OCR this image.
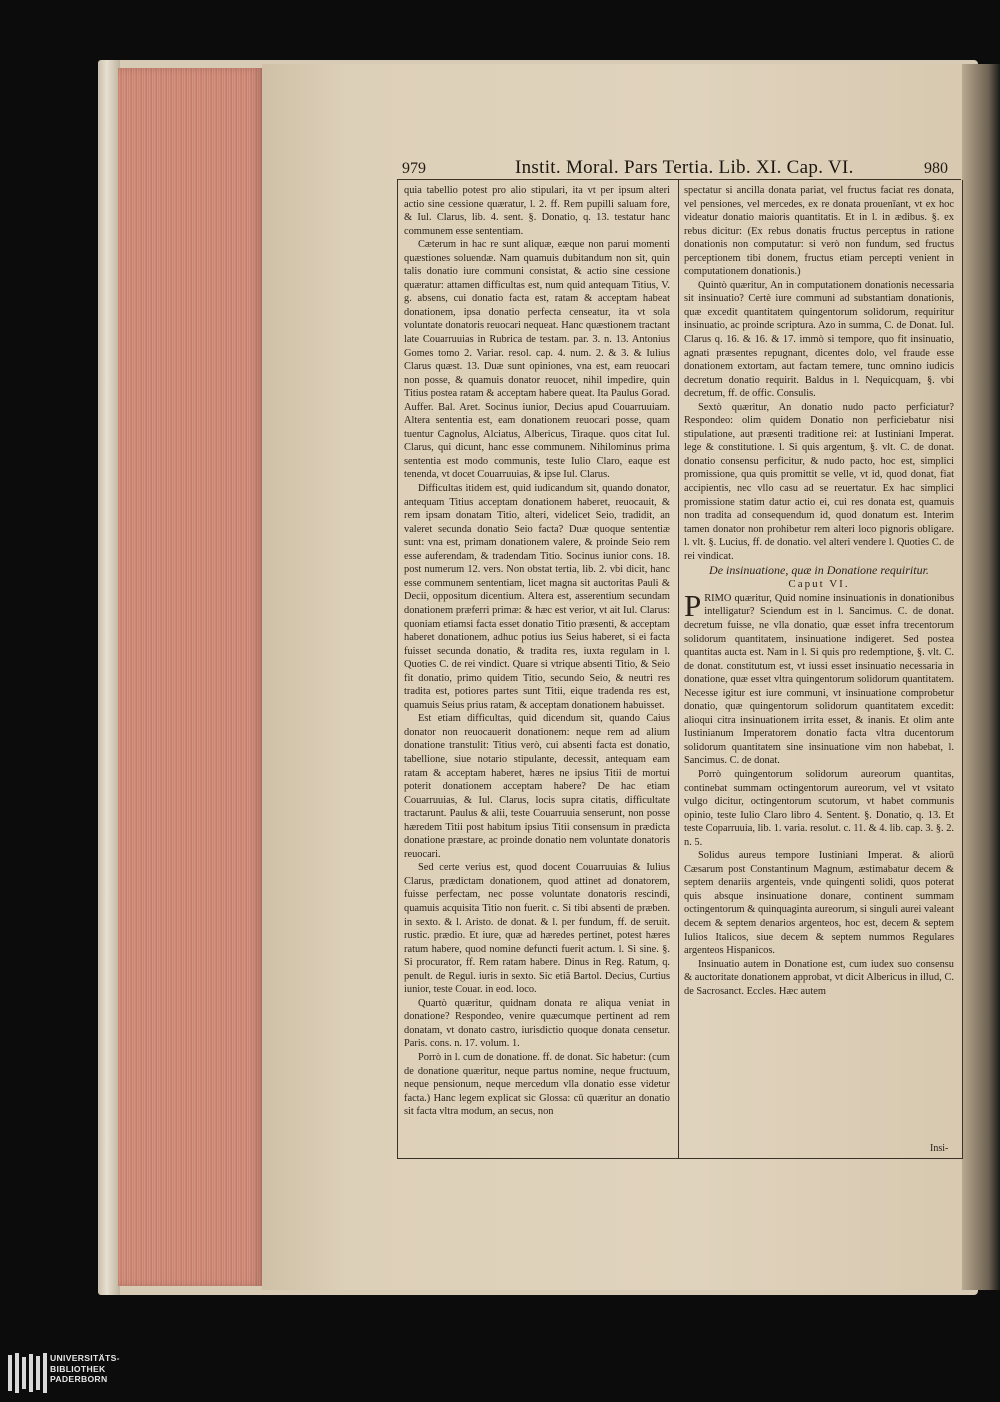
979	Instit. Moral. Pars Tertia. Lib. XI. Cap. VI.	980

quia tabellio potest pro alio stipulari, ita vt per ipsum alteri actio sine cessione quæratur, l. 2. ff. Rem pupilli saluam fore, & Iul. Clarus, lib. 4. sent. §. Donatio, q. 13. testatur hanc communem esse sententiam.

Cæterum in hac re sunt aliquæ, eæque non parui momenti quæstiones soluendæ. Nam quamuis dubitandum non sit, quin talis donatio iure communi consistat, & actio sine cessione quæratur: attamen difficultas est, num quid antequam Titius, V. g. absens, cui donatio facta est, ratam & acceptam habeat donationem, ipsa donatio perfecta censeatur, ita vt sola voluntate donatoris reuocari nequeat. Hanc quæstionem tractant late Couarruuias in Rubrica de testam. par. 3. n. 13. Antonius Gomes tomo 2. Variar. resol. cap. 4. num. 2. & 3. & Iulius Clarus quæst. 13. Duæ sunt opiniones, vna est, eam reuocari non posse, & quamuis donator reuocet, nihil impedire, quin Titius postea ratam & acceptam habere queat. Ita Paulus Gorad. Auffer. Bal. Aret. Socinus iunior, Decius apud Couarruuiam. Altera sententia est, eam donationem reuocari posse, quam tuentur Cagnolus, Alciatus, Albericus, Tiraque. quos citat Iul. Clarus, qui dicunt, hanc esse communem. Nihilominus prima sententia est modo communis, teste Iulio Claro, eaque est tenenda, vt docet Couarruuias, & ipse Iul. Clarus.

Difficultas itidem est, quid iudicandum sit, quando donator, antequam Titius acceptam donationem haberet, reuocauit, & rem ipsam donatam Titio, alteri, videlicet Seio, tradidit, an valeret secunda donatio Seio facta? Duæ quoque sententiæ sunt: vna est, primam donationem valere, & proinde Seio rem esse auferendam, & tradendam Titio. Socinus iunior cons. 18. post numerum 12. vers. Non obstat tertia, lib. 2. vbi dicit, hanc esse communem sententiam, licet magna sit auctoritas Pauli & Decii, oppositum dicentium. Altera est, asserentium secundam donationem præferri primæ: & hæc est verior, vt ait Iul. Clarus: quoniam etiamsi facta esset donatio Titio præsenti, & acceptam haberet donationem, adhuc potius ius Seius haberet, si ei facta fuisset secunda donatio, & tradita res, iuxta regulam in l. Quoties C. de rei vindict. Quare si vtrique absenti Titio, & Seio fit donatio, primo quidem Titio, secundo Seio, & neutri res tradita est, potiores partes sunt Titii, eique tradenda res est, quamuis Seius prius ratam, & acceptam donationem habuisset.

Est etiam difficultas, quid dicendum sit, quando Caius donator non reuocauerit donationem: neque rem ad alium donatione transtulit: Titius verò, cui absenti facta est donatio, tabellione, siue notario stipulante, decessit, antequam eam ratam & acceptam haberet, hæres ne ipsius Titii de mortui poterit donationem acceptam habere? De hac etiam Couarruuias, & Iul. Clarus, locis supra citatis, difficultate tractarunt. Paulus & alii, teste Couarruuia senserunt, non posse hæredem Titii post habitum ipsius Titii consensum in prædicta donatione præstare, ac proinde donatio nem voluntate donatoris reuocari.

Sed certe verius est, quod docent Couarruuias & Iulius Clarus, prædictam donationem, quod attinet ad donatorem, fuisse perfectam, nec posse voluntate donatoris rescindi, quamuis acquisita Titio non fuerit. c. Si tibi absenti de præben. in sexto. & l. Aristo. de donat. & l. per fundum, ff. de seruit. rustic. prædio. Et iure, quæ ad hæredes pertinet, potest hæres ratum habere, quod nomine defuncti fuerit actum. l. Si sine. §. Si procurator, ff. Rem ratam habere. Dinus in Reg. Ratum, q. penult. de Regul. iuris in sexto. Sic etiã Bartol. Decius, Curtius iunior, teste Couar. in eod. loco.

Quartò quæritur, quidnam donata re aliqua veniat in donatione? Respondeo, venire quæcumque pertinent ad rem donatam, vt donato castro, iurisdictio quoque donata censetur. Paris. cons. n. 17. volum. 1.

Porrò in l. cum de donatione. ff. de donat. Sic habetur: (cum de donatione quæritur, neque partus nomine, neque fructuum, neque pensionum, neque mercedum vlla donatio esse videtur facta.) Hanc legem explicat sic Glossa: cū quæritur an donatio sit facta vltra modum, an secus, non

spectatur si ancilla donata pariat, vel fructus faciat res donata, vel pensiones, vel mercedes, ex re donata prouenīant, vt ex hoc videatur donatio maioris quantitatis. Et in l. in ædibus. §. ex rebus dicitur: (Ex rebus donatis fructus perceptus in ratione donationis non computatur: si verò non fundum, sed fructus perceptionem tibi donem, fructus etiam percepti venient in computationem donationis.)

Quintò quæritur, An in computationem donationis necessaria sit insinuatio? Certè iure communi ad substantiam donationis, quæ excedit quantitatem quingentorum solidorum, requiritur insinuatio, ac proinde scriptura. Azo in summa, C. de Donat. Iul. Clarus q. 16. & 16. & 17. immò si tempore, quo fit insinuatio, agnati præsentes repugnant, dicentes dolo, vel fraude esse donationem extortam, aut factam temere, tunc omnino iudicis decretum donatio requirit. Baldus in l. Nequicquam, §. vbi decretum, ff. de offic. Consulis.

Sextò quæritur, An donatio nudo pacto perficiatur? Respondeo: olim quidem Donatio non perficiebatur nisi stipulatione, aut præsenti traditione rei: at Iustiniani Imperat. lege & constitutione. l. Si quis argentum, §. vlt. C. de donat. donatio consensu perficitur, & nudo pacto, hoc est, simplici promissione, qua quis promittit se velle, vt id, quod donat, fiat accipientis, nec vllo casu ad se reuertatur. Ex hac simplici promissione statim datur actio ei, cui res donata est, quamuis non tradita ad consequendum id, quod donatum est. Interim tamen donator non prohibetur rem alteri loco pignoris obligare. l. vlt. §. Lucius, ff. de donatio. vel alteri vendere l. Quoties C. de rei vindicat.

De insinuatione, quæ in Donatione requiritur.

Caput VI.

PRIMO quæritur, Quid nomine insinuationis in donationibus intelligatur? Sciendum est in l. Sancimus. C. de donat. decretum fuisse, ne vlla donatio, quæ esset infra trecentorum solidorum quantitatem, insinuatione indigeret. Sed postea quantitas aucta est. Nam in l. Si quis pro redemptione, §. vlt. C. de donat. constitutum est, vt iussi esset insinuatio necessaria in donatione, quæ esset vltra quingentorum solidorum quantitatem. Necesse igitur est iure communi, vt insinuatione comprobetur donatio, quæ quingentorum solidorum quantitatem excedit: alioqui citra insinuationem irrita esset, & inanis. Et olim ante Iustinianum Imperatorem donatio facta vltra ducentorum solidorum quantitatem sine insinuatione vim non habebat, l. Sancimus. C. de donat.

Porrò quingentorum solidorum aureorum quantitas, continebat summam octingentorum aureorum, vel vt vsitato vulgo dicitur, octingentorum scutorum, vt habet communis opinio, teste Iulio Claro libro 4. Sentent. §. Donatio, q. 13. Et teste Coparruuia, lib. 1. varia. resolut. c. 11. & 4. lib. cap. 3. §. 2. n. 5.

Solidus aureus tempore Iustiniani Imperat. & aliorū Cæsarum post Constantinum Magnum, æstimabatur decem & septem denariis argenteis, vnde quingenti solidi, quos poterat quis absque insinuatione donare, continent summam octingentorum & quinquaginta aureorum, si singuli aurei valeant decem & septem denarios argenteos, hoc est, decem & septem Iulios Italicos, siue decem & septem nummos Regulares argenteos Hispanicos.

Insinuatio autem in Donatione est, cum iudex suo consensu & auctoritate donationem approbat, vt dicit Albericus in illud, C. de Sacrosanct. Eccles. Hæc autem

Insi-
UNIVERSITÄTS-
BIBLIOTHEK
PADERBORN
